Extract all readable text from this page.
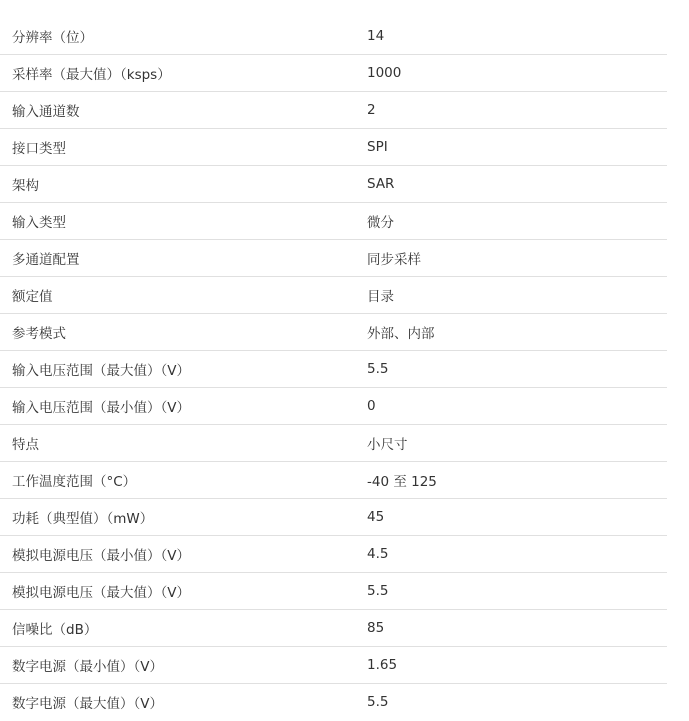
分辨率（位）	14
采样率（最大值）（ksps）	1000
输入通道数	2
接口类型	SPI
架构	SAR
输入类型	微分
多通道配置	同步采样
额定值	目录
参考模式	外部、内部
输入电压范围（最大值）（V）	5.5
输入电压范围（最小值）（V）	0
特点	小尺寸
工作温度范围（°C）	-40 至 125
功耗（典型值）（mW）	45
模拟电源电压（最小值）（V）	4.5
模拟电源电压（最大值）（V）	5.5
信噪比（dB）	85
数字电源（最小值）（V）	1.65
数字电源（最大值）（V）	5.5
